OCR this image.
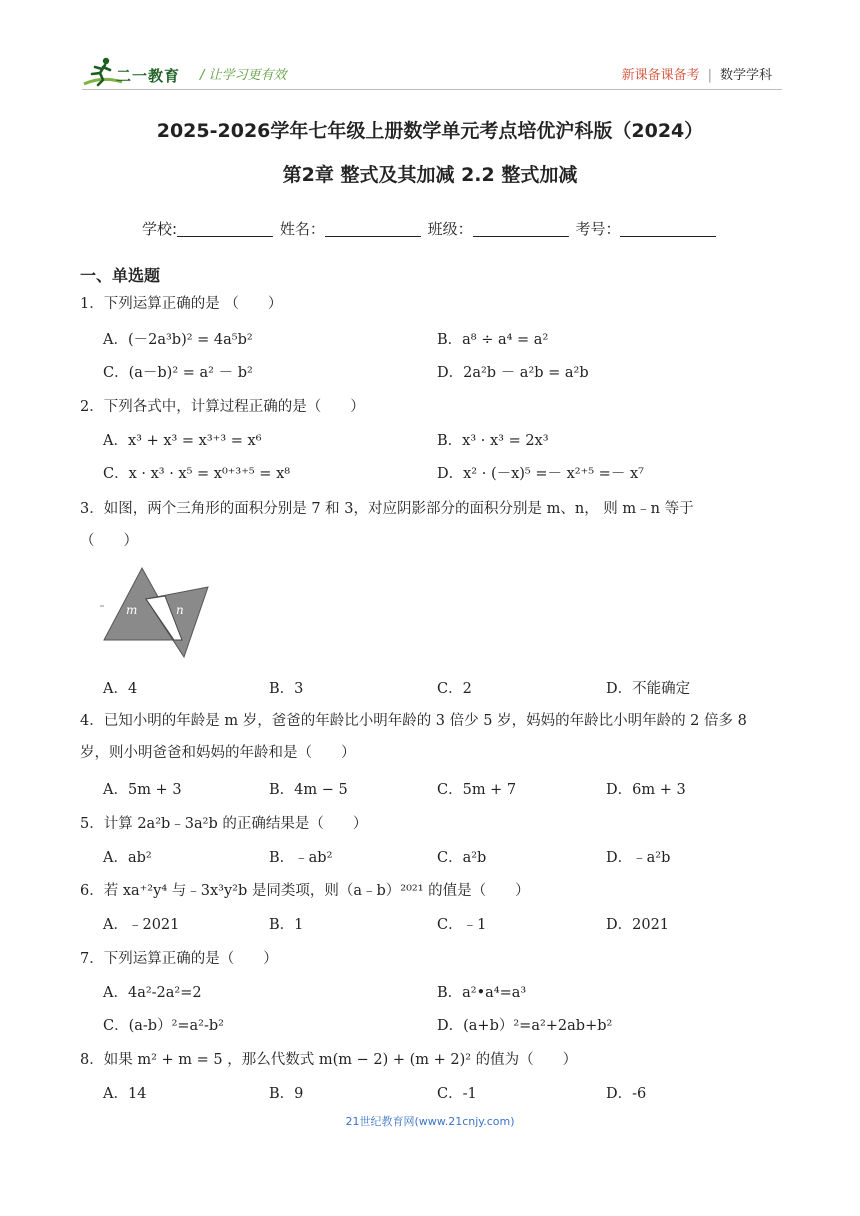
二一教育 / 让学习更有效	新课备课备考 | 数学学科
2025-2026学年七年级上册数学单元考点培优沪科版（2024）
第2章 整式及其加减 2.2 整式加减
学校:	姓名：	班级：	考号：
一、单选题
1．下列运算正确的是 （　　）
A．(－2a³b)² = 4a⁵b²	B．a⁸ ÷ a⁴ = a²
C．(a－b)² = a² － b²	D．2a²b － a²b = a²b
2．下列各式中，计算过程正确的是（　　）
A．x³ + x³ = x³⁺³ = x⁶	B．x³ · x³ = 2x³
C．x · x³ · x⁵ = x⁰⁺³⁺⁵ = x⁸	D．x² · (－x)⁵ =－ x²⁺⁵ =－ x⁷
3．如图，两个三角形的面积分别是 7 和 3，对应阴影部分的面积分别是 m、n， 则 m﹣n 等于
（　　）
m	n
A．4	B．3	C．2	D．不能确定
4．已知小明的年龄是 m 岁，爸爸的年龄比小明年龄的 3 倍少 5 岁，妈妈的年龄比小明年龄的 2 倍多 8 岁，则小明爸爸和妈妈的年龄和是（　　）
A．5m + 3	B．4m − 5	C．5m + 7	D．6m + 3
5．计算 2a²b﹣3a²b 的正确结果是（　　）
A．ab²	B．﹣ab²	C．a²b	D．﹣a²b
6．若 xa⁺²y⁴ 与﹣3x³y²b 是同类项，则（a﹣b）²⁰²¹ 的值是（　　）
A．﹣2021	B．1	C．﹣1	D．2021
7．下列运算正确的是（　　）
A．4a²-2a²=2	B．a²•a⁴=a³
C．(a-b）²=a²-b²	D．(a+b）²=a²+2ab+b²
8．如果 m² + m = 5 ，那么代数式 m(m − 2) + (m + 2)² 的值为（　　）
A．14	B．9	C．-1	D．-6
21世纪教育网(www.21cnjy.com)
